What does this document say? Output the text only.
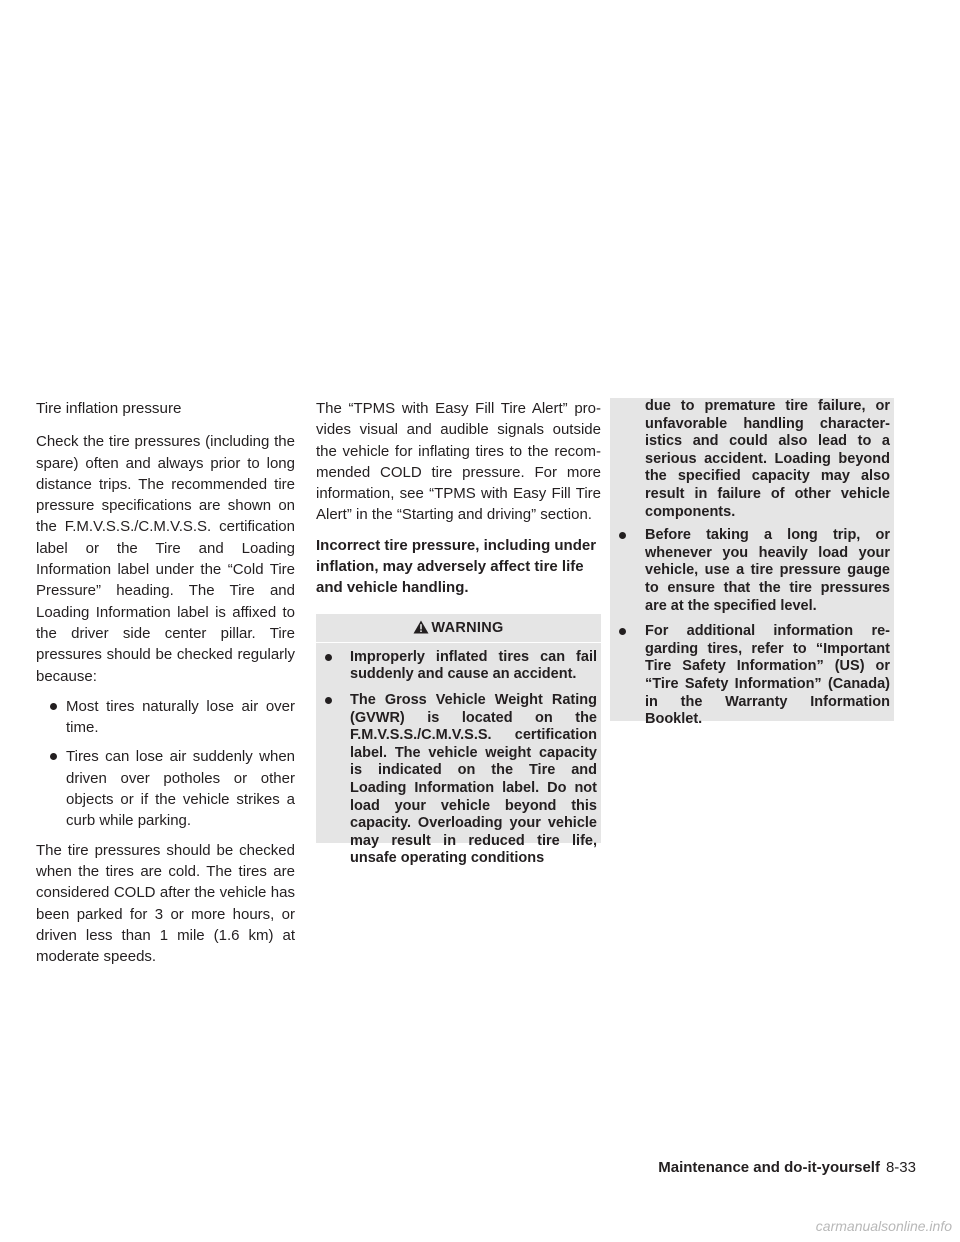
Tire inflation pressure

Check the tire pressures (including the spare) often and always prior to long distance trips. The recommended tire pressure specifications are shown on the F.M.V.S.S./C.M.V.S.S. certification label or the Tire and Loading Information label under the “Cold Tire Pressure” heading. The Tire and Loading Information label is affixed to the driver side center pillar. Tire pressures should be checked regularly because:

Most tires naturally lose air over time.
Tires can lose air suddenly when driven over potholes or other objects or if the vehicle strikes a curb while parking.

The tire pressures should be checked when the tires are cold. The tires are considered COLD after the vehicle has been parked for 3 or more hours, or driven less than 1 mile (1.6 km) at moderate speeds.

The “TPMS with Easy Fill Tire Alert” provides visual and audible signals outside the vehicle for inflating tires to the recommended COLD tire pressure. For more information, see “TPMS with Easy Fill Tire Alert” in the “Starting and driving” section.

Incorrect tire pressure, including under inflation, may adversely affect tire life and vehicle handling.

WARNING
Improperly inflated tires can fail suddenly and cause an accident.
The Gross Vehicle Weight Rating (GVWR) is located on the F.M.V.S.S./C.M.V.S.S. certification label. The vehicle weight capacity is indicated on the Tire and Loading Information label. Do not load your vehicle beyond this capacity. Overloading your vehicle may result in reduced tire life, unsafe operating conditions

due to premature tire failure, or unfavorable handling characteristics and could also lead to a serious accident. Loading beyond the specified capacity may also result in failure of other vehicle components.

Before taking a long trip, or whenever you heavily load your vehicle, use a tire pressure gauge to ensure that the tire pressures are at the specified level.
For additional information regarding tires, refer to “Important Tire Safety Information” (US) or “Tire Safety Information” (Canada) in the Warranty Information Booklet.
Maintenance and do-it-yourself 8-33
carmanualsonline.info
